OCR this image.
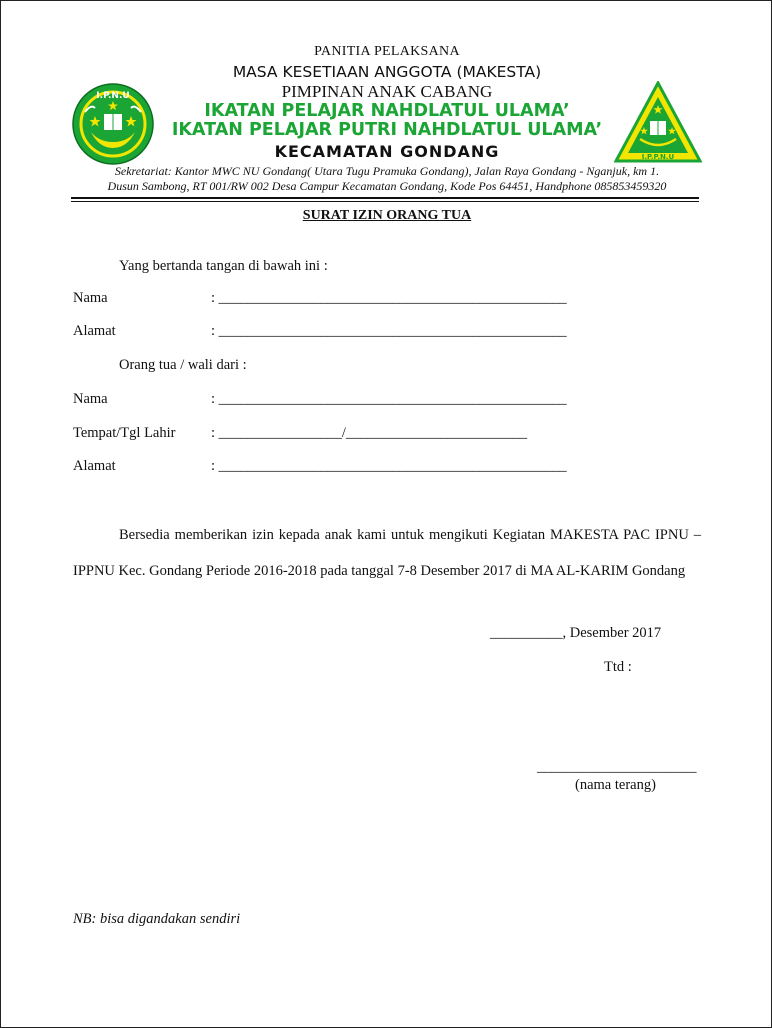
I.P.N.U
I.P.P.N.U
PANITIA PELAKSANA
MASA KESETIAAN ANGGOTA (MAKESTA)
PIMPINAN ANAK CABANG
IKATAN PELAJAR NAHDLATUL ULAMA’
IKATAN PELAJAR PUTRI NAHDLATUL ULAMA’
KECAMATAN GONDANG
Sekretariat: Kantor MWC NU Gondang( Utara Tugu Pramuka Gondang), Jalan Raya Gondang - Nganjuk, km 1.
Dusun Sambong, RT 001/RW 002 Desa Campur Kecamatan Gondang, Kode Pos 64451, Handphone 085853459320
SURAT IZIN ORANG TUA
Yang bertanda tangan di bawah ini :
Nama	: ________________________________________________
Alamat	: ________________________________________________
Orang tua / wali dari :
Nama	: ________________________________________________
Tempat/Tgl Lahir : _________________/_________________________
Alamat	: ________________________________________________
Bersedia memberikan izin kepada anak kami untuk mengikuti Kegiatan MAKESTA PAC IPNU – IPPNU Kec. Gondang Periode 2016-2018 pada tanggal 7-8 Desember 2017 di MA AL-KARIM Gondang
__________, Desember 2017
Ttd :
______________________
(nama terang)
NB: bisa digandakan sendiri
